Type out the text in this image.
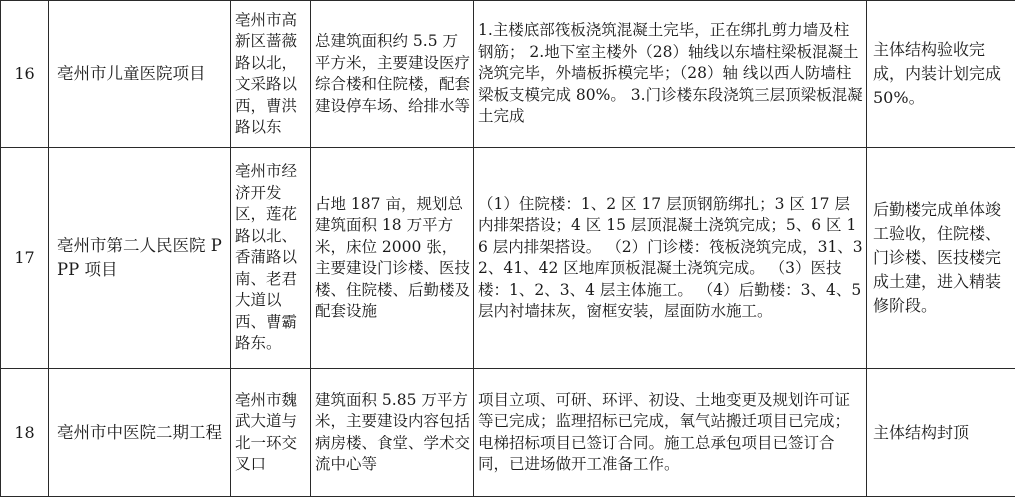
16	亳州市儿童医院项目	亳州市高新区蔷薇路以北，文采路以西，曹洪路以东	总建筑面积约 5.5 万平方米，主要建设医疗综合楼和住院楼，配套建设停车场、给排水等	1.主楼底部筏板浇筑混凝土完毕，正在绑扎剪力墙及柱钢筋； 2.地下室主楼外（28）轴线以东墙柱梁板混凝土浇筑完毕，外墙板拆模完毕；（28）轴 线以西人防墙柱梁板支模完成 80%。 3.门诊楼东段浇筑三层顶梁板混凝土完成	主体结构验收完成，内装计划完成 50%。
17	亳州市第二人民医院 PPP 项目	亳州市经济开发区，莲花路以北、香蒲路以南、老君大道以西、曹霸路东。	占地 187 亩，规划总建筑面积 18 万平方米，床位 2000 张，主要建设门诊楼、医技楼、住院楼、后勤楼及配套设施	（1）住院楼：1、2 区 17 层顶钢筋绑扎；3 区 17 层内排架搭设；4 区 15 层顶混凝土浇筑完成；5、6 区 16 层内排架搭设。 （2）门诊楼：筏板浇筑完成，31、32、41、42 区地库顶板混凝土浇筑完成。 （3）医技楼：1、2、3、4 层主体施工。 （4）后勤楼：3、4、5 层内衬墙抹灰，窗框安装，屋面防水施工。	后勤楼完成单体竣工验收，住院楼、门诊楼、医技楼完成土建，进入精装修阶段。
18	亳州市中医院二期工程	亳州市魏武大道与北一环交叉口	建筑面积 5.85 万平方米，主要建设内容包括病房楼、食堂、学术交流中心等	项目立项、可研、环评、初设、土地变更及规划许可证等已完成；监理招标已完成，氧气站搬迁项目已完成；电梯招标项目已签订合同。施工总承包项目已签订合同，已进场做开工准备工作。	主体结构封顶
